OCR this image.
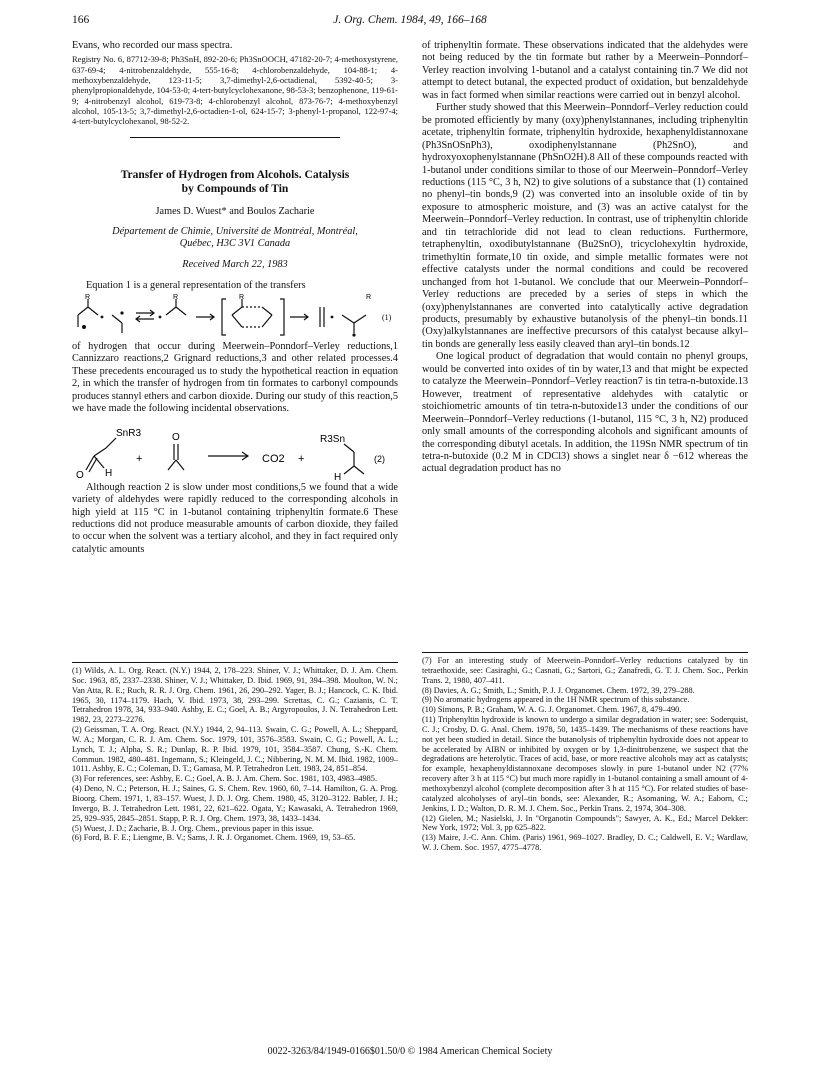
166	J. Org. Chem. 1984, 49, 166–168

Evans, who recorded our mass spectra.

Registry No. 6, 87712-39-8; Ph3SnH, 892-20-6; Ph3SnOOCH, 47182-20-7; 4-methoxystyrene, 637-69-4; 4-nitrobenzaldehyde, 555-16-8; 4-chlorobenzaldehyde, 104-88-1; 4-methoxybenzaldehyde, 123-11-5; 3,7-dimethyl-2,6-octadienal, 5392-40-5; 3-phenylpropionaldehyde, 104-53-0; 4-tert-butylcyclohexanone, 98-53-3; benzophenone, 119-61-9; 4-nitrobenzyl alcohol, 619-73-8; 4-chlorobenzyl alcohol, 873-76-7; 4-methoxybenzyl alcohol, 105-13-5; 3,7-dimethyl-2,6-octadien-1-ol, 624-15-7; 3-phenyl-1-propanol, 122-97-4; 4-tert-butylcyclohexanol, 98-52-2.

Transfer of Hydrogen from Alcohols. Catalysis
by Compounds of Tin
James D. Wuest* and Boulos Zacharie
Département de Chimie, Université de Montréal, Montréal,
Québec, H3C 3V1 Canada
Received March 22, 1983

Equation 1 is a general representation of the transfers

R	R	R	R
(1)

of hydrogen that occur during Meerwein–Ponndorf–Verley reductions,1 Cannizzaro reactions,2 Grignard reductions,3 and other related processes.4 These precedents encouraged us to study the hypothetical reaction in equation 2, in which the transfer of hydrogen from tin formates to carbonyl compounds produces stannyl ethers and carbon dioxide. During our study of this reaction,5 we have made the following incidental observations.

SnR3
O H
+
O
CO2 +
R3Sn
H
(2)

Although reaction 2 is slow under most conditions,5 we found that a wide variety of aldehydes were rapidly reduced to the corresponding alcohols in high yield at 115 °C in 1-butanol containing triphenyltin formate.6 These reductions did not produce measurable amounts of carbon dioxide, they failed to occur when the solvent was a tertiary alcohol, and they in fact required only catalytic amounts

of triphenyltin formate. These observations indicated that the aldehydes were not being reduced by the tin formate but rather by a Meerwein–Ponndorf–Verley reaction involving 1-butanol and a catalyst containing tin.7 We did not attempt to detect butanal, the expected product of oxidation, but benzaldehyde was in fact formed when similar reactions were carried out in benzyl alcohol.

Further study showed that this Meerwein–Ponndorf–Verley reduction could be promoted efficiently by many (oxy)phenylstannanes, including triphenyltin acetate, triphenyltin formate, triphenyltin hydroxide, hexaphenyldistannoxane (Ph3SnOSnPh3), oxodiphenylstannane (Ph2SnO), and hydroxyoxophenylstannane (PhSnO2H).8 All of these compounds reacted with 1-butanol under conditions similar to those of our Meerwein–Ponndorf–Verley reductions (115 °C, 3 h, N2) to give solutions of a substance that (1) contained no phenyl–tin bonds,9 (2) was converted into an insoluble oxide of tin by exposure to atmospheric moisture, and (3) was an active catalyst for the Meerwein–Ponndorf–Verley reduction. In contrast, use of triphenyltin chloride and tin tetrachloride did not lead to clean reductions. Furthermore, tetraphenyltin, oxodibutylstannane (Bu2SnO), tricyclohexyltin hydroxide, trimethyltin formate,10 tin oxide, and simple metallic formates were not effective catalysts under the normal conditions and could be recovered unchanged from hot 1-butanol. We conclude that our Meerwein–Ponndorf–Verley reductions are preceded by a series of steps in which the (oxy)phenylstannanes are converted into catalytically active degradation products, presumably by exhaustive butanolysis of the phenyl–tin bonds.11 (Oxy)alkylstannanes are ineffective precursors of this catalyst because alkyl–tin bonds are generally less easily cleaved than aryl–tin bonds.12

One logical product of degradation that would contain no phenyl groups, would be converted into oxides of tin by water,13 and that might be expected to catalyze the Meerwein–Ponndorf–Verley reaction7 is tin tetra-n-butoxide.13 However, treatment of representative aldehydes with catalytic or stoichiometric amounts of tin tetra-n-butoxide13 under the conditions of our Meerwein–Ponndorf–Verley reductions (1-butanol, 115 °C, 3 h, N2) produced only small amounts of the corresponding alcohols and significant amounts of the corresponding dibutyl acetals. In addition, the 119Sn NMR spectrum of tin tetra-n-butoxide (0.2 M in CDCl3) shows a singlet near δ −612 whereas the actual degradation product has no

(1) Wilds, A. L. Org. React. (N.Y.) 1944, 2, 178–223. Shiner, V. J.; Whittaker, D. J. Am. Chem. Soc. 1963, 85, 2337–2338. Shiner, V. J.; Whittaker, D. Ibid. 1969, 91, 394–398. Moulton, W. N.; Van Atta, R. E.; Ruch, R. R. J. Org. Chem. 1961, 26, 290–292. Yager, B. J.; Hancock, C. K. Ibid. 1965, 30, 1174–1179. Hach, V. Ibid. 1973, 38, 293–299. Screttas, C. G.; Cazianis, C. T. Tetrahedron 1978, 34, 933–940. Ashby, E. C.; Goel, A. B.; Argyropoulos, J. N. Tetrahedron Lett. 1982, 23, 2273–2276.

(2) Geissman, T. A. Org. React. (N.Y.) 1944, 2, 94–113. Swain, C. G.; Powell, A. L.; Sheppard, W. A.; Morgan, C. R. J. Am. Chem. Soc. 1979, 101, 3576–3583. Swain, C. G.; Powell, A. L.; Lynch, T. J.; Alpha, S. R.; Dunlap, R. P. Ibid. 1979, 101, 3584–3587. Chung, S.-K. Chem. Commun. 1982, 480–481. Ingemann, S.; Kleingeld, J. C.; Nibbering, N. M. M. Ibid. 1982, 1009–1011. Ashby, E. C.; Coleman, D. T.; Gamasa, M. P. Tetrahedron Lett. 1983, 24, 851–854.

(3) For references, see: Ashby, E. C.; Goel, A. B. J. Am. Chem. Soc. 1981, 103, 4983–4985.

(4) Deno, N. C.; Peterson, H. J.; Saines, G. S. Chem. Rev. 1960, 60, 7–14. Hamilton, G. A. Prog. Bioorg. Chem. 1971, 1, 83–157. Wuest, J. D. J. Org. Chem. 1980, 45, 3120–3122. Babler, J. H.; Invergo, B. J. Tetrahedron Lett. 1981, 22, 621–622. Ogata, Y.; Kawasaki, A. Tetrahedron 1969, 25, 929–935, 2845–2851. Stapp, P. R. J. Org. Chem. 1973, 38, 1433–1434.

(5) Wuest, J. D.; Zacharie, B. J. Org. Chem., previous paper in this issue.

(6) Ford, B. F. E.; Liengme, B. V.; Sams, J. R. J. Organomet. Chem. 1969, 19, 53–65.

(7) For an interesting study of Meerwein–Ponndorf–Verley reductions catalyzed by tin tetraethoxide, see: Casiraghi, G.; Casnati, G.; Sartori, G.; Zanafredi, G. T. J. Chem. Soc., Perkin Trans. 2, 1980, 407–411.

(8) Davies, A. G.; Smith, L.; Smith, P. J. J. Organomet. Chem. 1972, 39, 279–288.

(9) No aromatic hydrogens appeared in the 1H NMR spectrum of this substance.

(10) Simons, P. B.; Graham, W. A. G. J. Organomet. Chem. 1967, 8, 479–490.

(11) Triphenyltin hydroxide is known to undergo a similar degradation in water; see: Soderquist, C. J.; Crosby, D. G. Anal. Chem. 1978, 50, 1435–1439. The mechanisms of these reactions have not yet been studied in detail. Since the butanolysis of triphenyltin hydroxide does not appear to be accelerated by AIBN or inhibited by oxygen or by 1,3-dinitrobenzene, we suspect that the degradations are heterolytic. Traces of acid, base, or more reactive alcohols may act as catalysts; for example, hexaphenyldistannoxane decomposes slowly in pure 1-butanol under N2 (77% recovery after 3 h at 115 °C) but much more rapidly in 1-butanol containing a small amount of 4-methoxybenzyl alcohol (complete decomposition after 3 h at 115 °C). For related studies of base-catalyzed alcoholyses of aryl–tin bonds, see: Alexander, R.; Asomaning, W. A.; Eaborn, C.; Jenkins, I. D.; Walton, D. R. M. J. Chem. Soc., Perkin Trans. 2, 1974, 304–308.

(12) Gielen, M.; Nasielski, J. In "Organotin Compounds"; Sawyer, A. K., Ed.; Marcel Dekker: New York, 1972; Vol. 3, pp 625–822.

(13) Maire, J.-C. Ann. Chim. (Paris) 1961, 969–1027. Bradley, D. C.; Caldwell, E. V.; Wardlaw, W. J. Chem. Soc. 1957, 4775–4778.

0022-3263/84/1949-0166$01.50/0 © 1984 American Chemical Society
